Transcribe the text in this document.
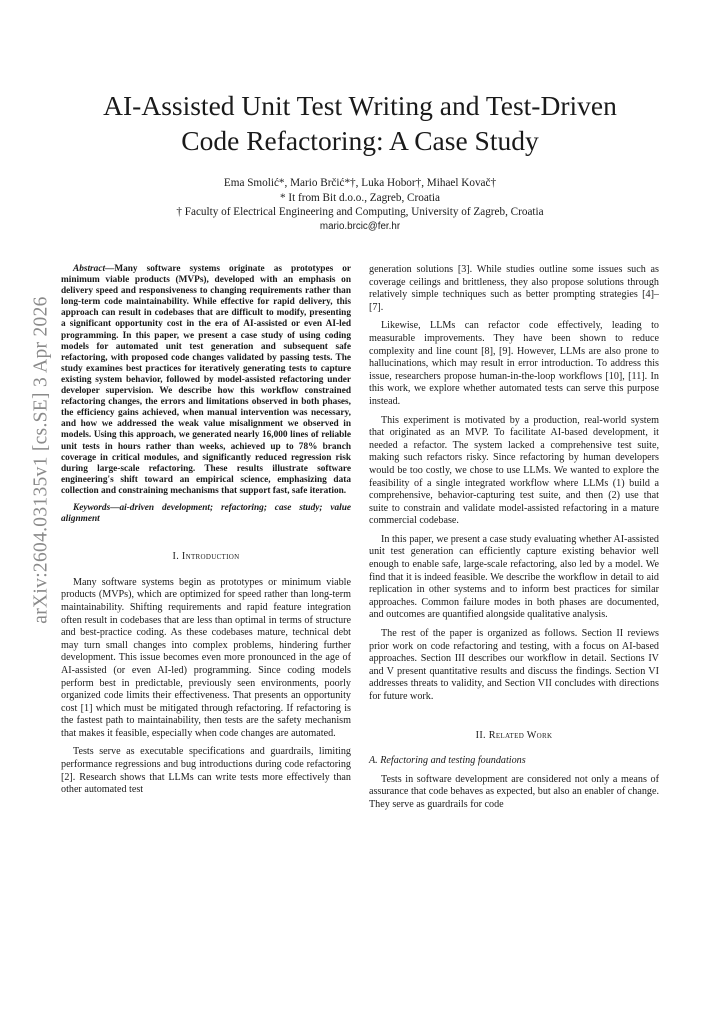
arXiv:2604.03135v1 [cs.SE] 3 Apr 2026
AI-Assisted Unit Test Writing and Test-Driven
Code Refactoring: A Case Study
Ema Smolić*, Mario Brčić*†, Luka Hobor†, Mihael Kovač†
* It from Bit d.o.o., Zagreb, Croatia
† Faculty of Electrical Engineering and Computing, University of Zagreb, Croatia
mario.brcic@fer.hr

Abstract—Many software systems originate as prototypes or minimum viable products (MVPs), developed with an emphasis on delivery speed and responsiveness to changing requirements rather than long-term code maintainability. While effective for rapid delivery, this approach can result in codebases that are difficult to modify, presenting a significant opportunity cost in the era of AI-assisted or even AI-led programming. In this paper, we present a case study of using coding models for automated unit test generation and subsequent safe refactoring, with proposed code changes validated by passing tests. The study examines best practices for iteratively generating tests to capture existing system behavior, followed by model-assisted refactoring under developer supervision. We describe how this workflow constrained refactoring changes, the errors and limitations observed in both phases, the efficiency gains achieved, when manual intervention was necessary, and how we addressed the weak value misalignment we observed in models. Using this approach, we generated nearly 16,000 lines of reliable unit tests in hours rather than weeks, achieved up to 78% branch coverage in critical modules, and significantly reduced regression risk during large-scale refactoring. These results illustrate software engineering's shift toward an empirical science, emphasizing data collection and constraining mechanisms that support fast, safe iteration.

Keywords—ai-driven development; refactoring; case study; value alignment

I. Introduction

Many software systems begin as prototypes or minimum viable products (MVPs), which are optimized for speed rather than long-term maintainability. Shifting requirements and rapid feature integration often result in codebases that are less than optimal in terms of structure and best-practice coding. As these codebases mature, technical debt may turn small changes into complex problems, hindering further development. This issue becomes even more pronounced in the age of AI-assisted (or even AI-led) programming. Since coding models perform best in predictable, previously seen environments, poorly organized code limits their effectiveness. That presents an opportunity cost [1] which must be mitigated through refactoring. If refactoring is the fastest path to maintainability, then tests are the safety mechanism that makes it feasible, especially when code changes are automated.

Tests serve as executable specifications and guardrails, limiting performance regressions and bug introductions during code refactoring [2]. Research shows that LLMs can write tests more effectively than other automated test

generation solutions [3]. While studies outline some issues such as coverage ceilings and brittleness, they also propose solutions through relatively simple techniques such as better prompting strategies [4]–[7].

Likewise, LLMs can refactor code effectively, leading to measurable improvements. They have been shown to reduce complexity and line count [8], [9]. However, LLMs are also prone to hallucinations, which may result in error introduction. To address this issue, researchers propose human-in-the-loop workflows [10], [11]. In this work, we explore whether automated tests can serve this purpose instead.

This experiment is motivated by a production, real-world system that originated as an MVP. To facilitate AI-based development, it needed a refactor. The system lacked a comprehensive test suite, making such refactors risky. Since refactoring by human developers would be too costly, we chose to use LLMs. We wanted to explore the feasibility of a single integrated workflow where LLMs (1) build a comprehensive, behavior-capturing test suite, and then (2) use that suite to constrain and validate model-assisted refactoring in a mature commercial codebase.

In this paper, we present a case study evaluating whether AI-assisted unit test generation can efficiently capture existing behavior well enough to enable safe, large-scale refactoring, also led by a model. We find that it is indeed feasible. We describe the workflow in detail to aid replication in other systems and to inform best practices for similar approaches. Common failure modes in both phases are documented, and outcomes are quantified alongside qualitative analysis.

The rest of the paper is organized as follows. Section II reviews prior work on code refactoring and testing, with a focus on AI-based approaches. Section III describes our workflow in detail. Sections IV and V present quantitative results and discuss the findings. Section VI addresses threats to validity, and Section VII concludes with directions for future work.

II. Related Work

A. Refactoring and testing foundations

Tests in software development are considered not only a means of assurance that code behaves as expected, but also an enabler of change. They serve as guardrails for code
